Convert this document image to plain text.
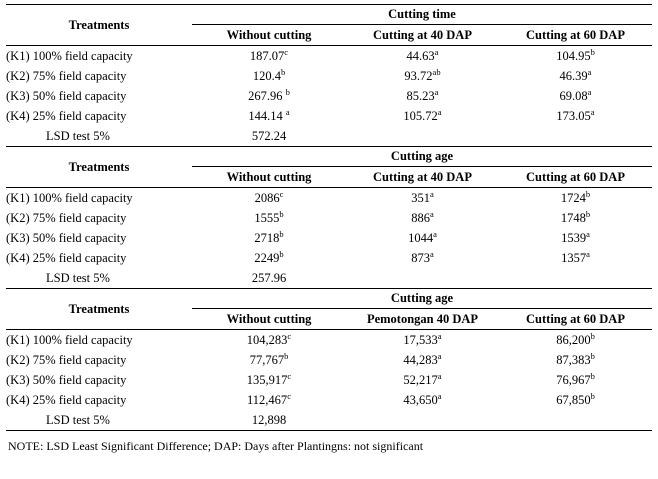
Treatments	Cutting time		
	Without cutting	Cutting at 40 DAP	Cutting at 60 DAP
(K1) 100% field capacity	187.07$^c$	44.63$^a$	104.95$^b$
(K2) 75% field capacity	120.4$^b$	93.72$^{ab}$	46.39$^a$
(K3) 50% field capacity	267.96 $^b$	85.23$^a$	69.08$^a$
(K4) 25% field capacity	144.14 $^a$	105.72$^a$	173.05$^a$
LSD test 5%	572.24		
Treatments	Cutting age		
	Without cutting	Cutting at 40 DAP	Cutting at 60 DAP
(K1) 100% field capacity	2086$^c$	351$^a$	1724$^b$
(K2) 75% field capacity	1555$^b$	886$^a$	1748$^b$
(K3) 50% field capacity	2718$^b$	1044$^a$	1539$^a$
(K4) 25% field capacity	2249$^b$	873$^a$	1357$^a$
LSD test 5%	257.96		
Treatments	Cutting age		
	Without cutting	Pemotongan 40 DAP	Cutting at 60 DAP
(K1) 100% field capacity	104,283$^c$	17,533$^a$	86,200$^b$
(K2) 75% field capacity	77,767$^b$	44,283$^a$	87,383$^b$
(K3) 50% field capacity	135,917$^c$	52,217$^a$	76,967$^b$
(K4) 25% field capacity	112,467$^c$	43,650$^a$	67,850$^b$
LSD test 5%	12,898		
NOTE: LSD Least Significant Difference; DAP: Days after Plantingns: not significant
